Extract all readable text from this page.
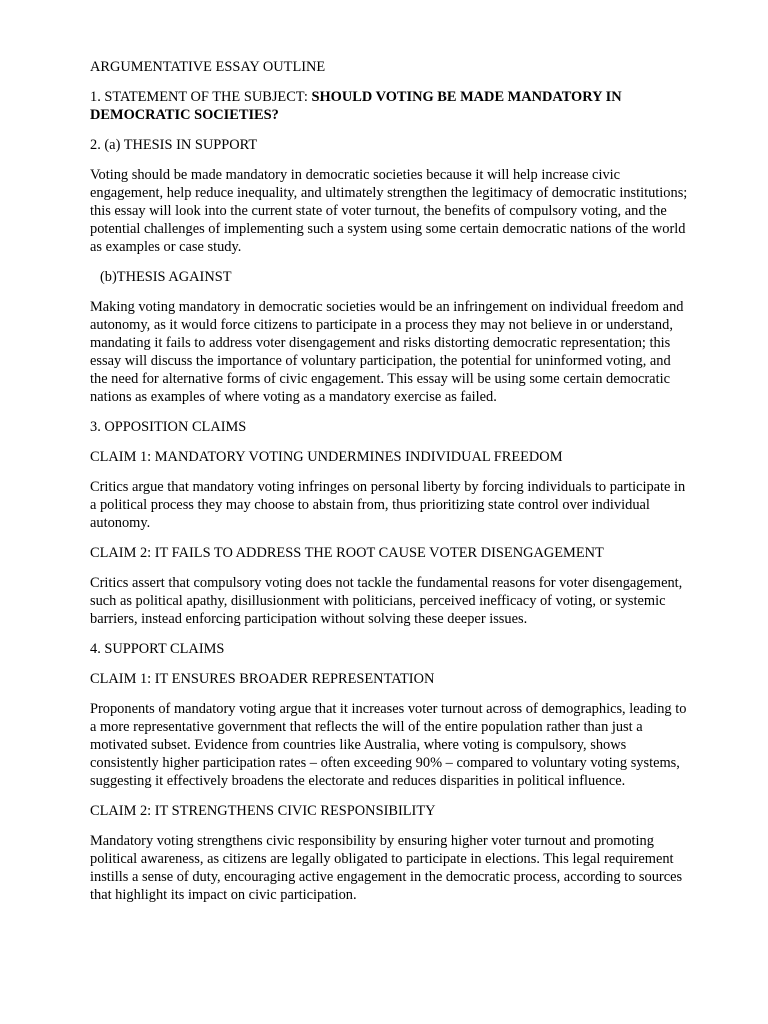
ARGUMENTATIVE ESSAY OUTLINE

1. STATEMENT OF THE SUBJECT: SHOULD VOTING BE MADE MANDATORY IN DEMOCRATIC SOCIETIES?

2. (a) THESIS IN SUPPORT

Voting should be made mandatory in democratic societies because it will help increase civic engagement, help reduce inequality, and ultimately strengthen the legitimacy of democratic institutions; this essay will look into the current state of voter turnout, the benefits of compulsory voting, and the potential challenges of implementing such a system using some certain democratic nations of the world as examples or case study.

(b)THESIS AGAINST

Making voting mandatory in democratic societies would be an infringement on individual freedom and autonomy, as it would force citizens to participate in a process they may not believe in or understand, mandating it fails to address voter disengagement and risks distorting democratic representation; this essay will discuss the importance of voluntary participation, the potential for uninformed voting, and the need for alternative forms of civic engagement. This essay will be using some certain democratic nations as examples of where voting as a mandatory exercise as failed.

3. OPPOSITION CLAIMS

CLAIM 1: MANDATORY VOTING UNDERMINES INDIVIDUAL FREEDOM

Critics argue that mandatory voting infringes on personal liberty by forcing individuals to participate in a political process they may choose to abstain from, thus prioritizing state control over individual autonomy.

CLAIM 2: IT FAILS TO ADDRESS THE ROOT CAUSE VOTER DISENGAGEMENT

Critics assert that compulsory voting does not tackle the fundamental reasons for voter disengagement, such as political apathy, disillusionment with politicians, perceived inefficacy of voting, or systemic barriers, instead enforcing participation without solving these deeper issues.

4. SUPPORT CLAIMS

CLAIM 1: IT ENSURES BROADER REPRESENTATION

Proponents of mandatory voting argue that it increases voter turnout across of demographics, leading to a more representative government that reflects the will of the entire population rather than just a motivated subset. Evidence from countries like Australia, where voting is compulsory, shows consistently higher participation rates – often exceeding 90% – compared to voluntary voting systems, suggesting it effectively broadens the electorate and reduces disparities in political influence.

CLAIM 2: IT STRENGTHENS CIVIC RESPONSIBILITY

Mandatory voting strengthens civic responsibility by ensuring higher voter turnout and promoting political awareness, as citizens are legally obligated to participate in elections. This legal requirement instills a sense of duty, encouraging active engagement in the democratic process, according to sources that highlight its impact on civic participation.
